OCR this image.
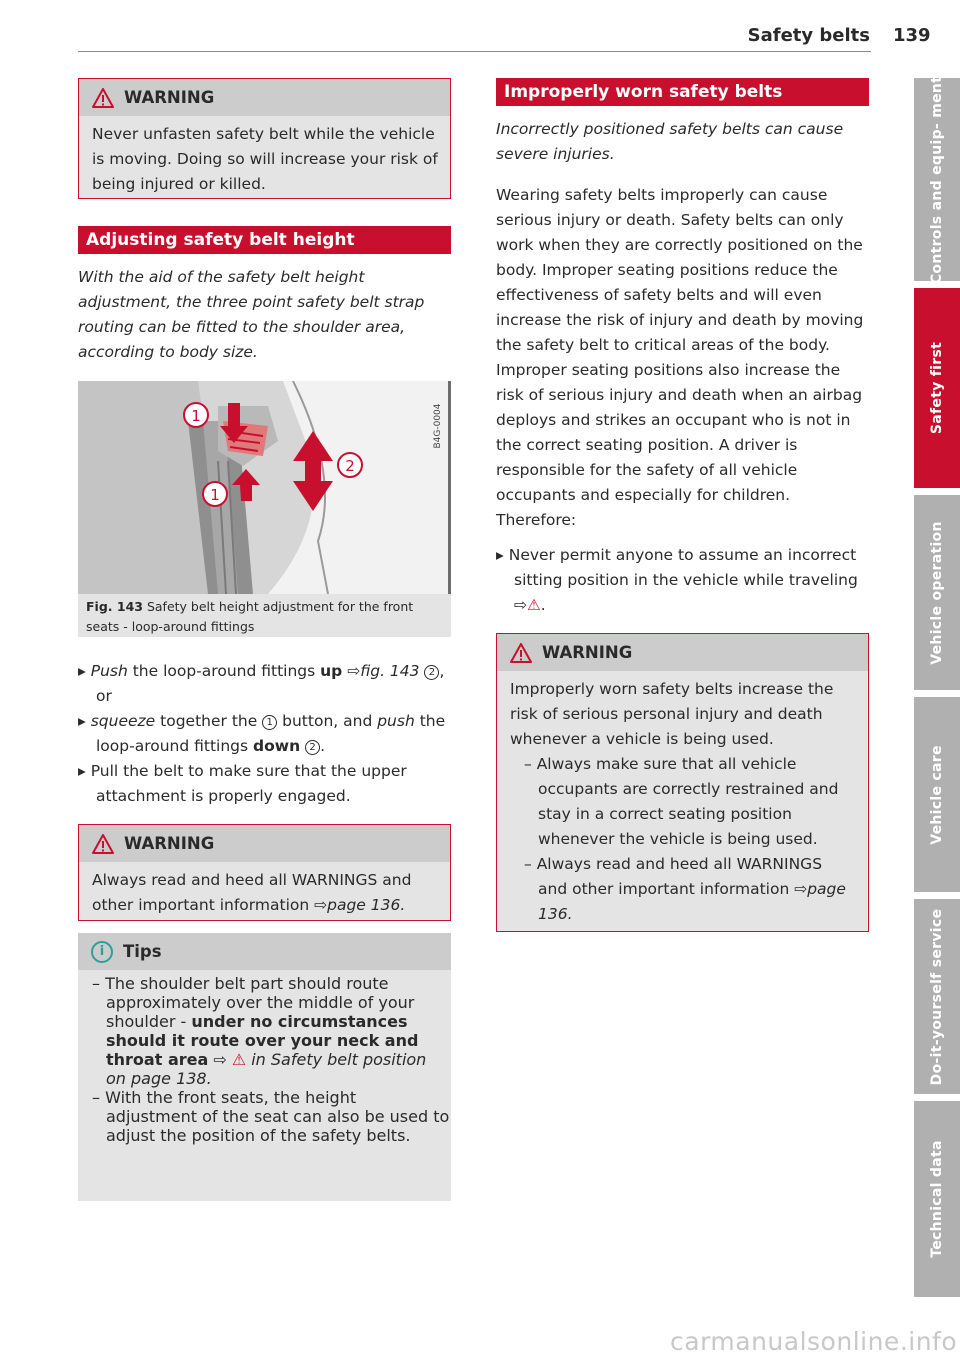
Safety belts 139
WARNING

Never unfasten safety belt while the vehicle is moving. Doing so will increase your risk of being injured or killed.

Adjusting safety belt height
With the aid of the safety belt height adjustment, the three point safety belt strap routing can be fitted to the shoulder area, according to body size.
1
1
2
B4G-0004
Fig. 143 Safety belt height adjustment for the front seats - loop-around fittings
▸ Push the loop-around fittings up ⇨fig. 143 2 , or
▸ squeeze together the 1 button, and push the loop-around fittings down 2 .
▸ Pull the belt to make sure that the upper attachment is properly engaged.
WARNING

Always read and heed all WARNINGS and other important information ⇨page 136.

i	Tips
– The shoulder belt part should route approximately over the middle of your shoulder - under no circumstances should it route over your neck and throat area ⇨ ⚠ in Safety belt position on page 138.
– With the front seats, the height adjustment of the seat can also be used to adjust the position of the safety belts.
Improperly worn safety belts
Incorrectly positioned safety belts can cause severe injuries.
Wearing safety belts improperly can cause serious injury or death. Safety belts can only work when they are correctly positioned on the body. Improper seating positions reduce the effectiveness of safety belts and will even increase the risk of injury and death by moving the safety belt to critical areas of the body. Improper seating positions also increase the risk of serious injury and death when an airbag deploys and strikes an occupant who is not in the correct seating position. A driver is responsible for the safety of all vehicle occupants and especially for children. Therefore:
▸ Never permit anyone to assume an incorrect sitting position in the vehicle while traveling ⇨⚠.
WARNING

Improperly worn safety belts increase the risk of serious personal injury and death whenever a vehicle is being used.

– Always make sure that all vehicle occupants are correctly restrained and stay in a correct seating position whenever the vehicle is being used.
– Always read and heed all WARNINGS and other important information ⇨page 136.
Controls and equip- ment
Safety first
Vehicle operation
Vehicle care
Do-it-yourself service
Technical data
carmanualsonline.info
